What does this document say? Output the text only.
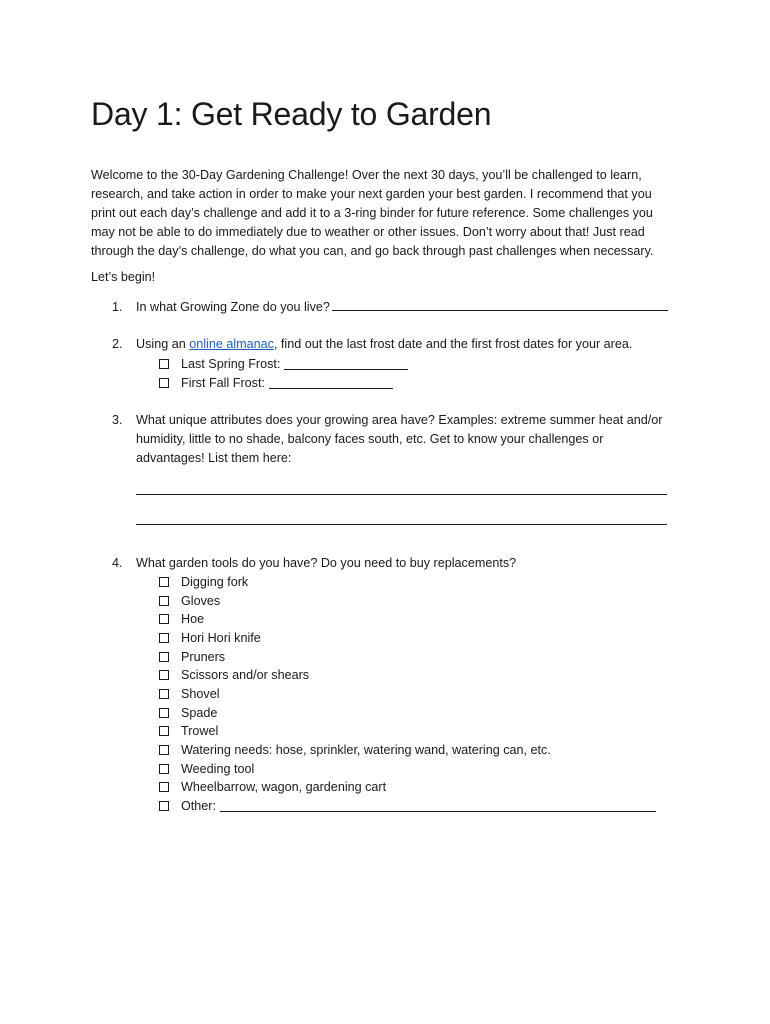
Day 1: Get Ready to Garden
Welcome to the 30-Day Gardening Challenge! Over the next 30 days, you’ll be challenged to learn,
research, and take action in order to make your next garden your best garden. I recommend that you
print out each day’s challenge and add it to a 3-ring binder for future reference. Some challenges you
may not be able to do immediately due to weather or other issues. Don’t worry about that! Just read
through the day’s challenge, do what you can, and go back through past challenges when necessary.
Let’s begin!
1. In what Growing Zone do you live?
2. Using an online almanac, find out the last frost date and the first frost dates for your area.
Last Spring Frost:
First Fall Frost:
3. What unique attributes does your growing area have? Examples: extreme summer heat and/or
humidity, little to no shade, balcony faces south, etc. Get to know your challenges or
advantages! List them here:
4. What garden tools do you have? Do you need to buy replacements?
Digging fork
Gloves
Hoe
Hori Hori knife
Pruners
Scissors and/or shears
Shovel
Spade
Trowel
Watering needs: hose, sprinkler, watering wand, watering can, etc.
Weeding tool
Wheelbarrow, wagon, gardening cart
Other:
